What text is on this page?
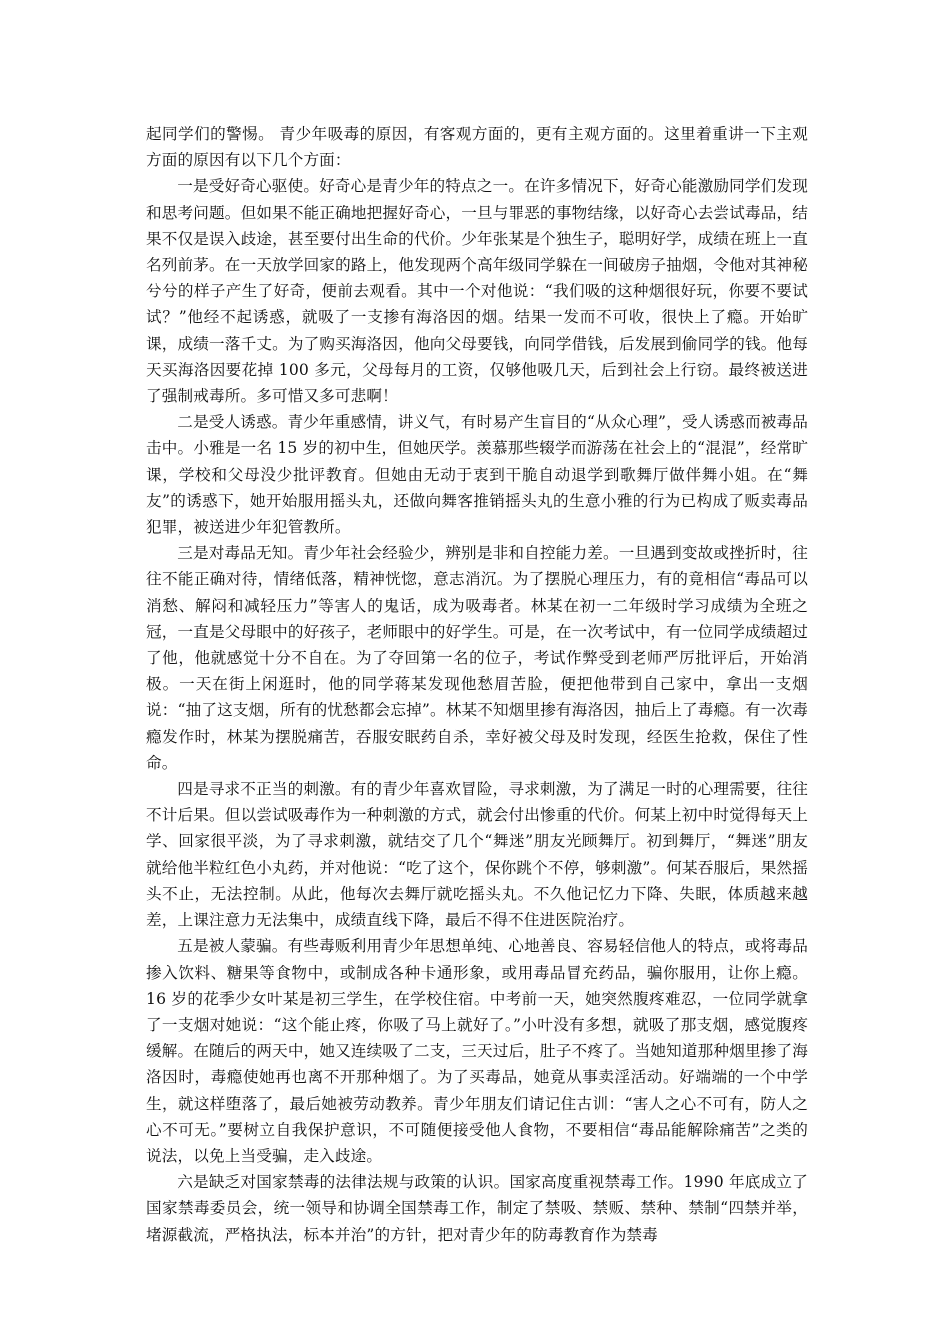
起同学们的警惕。 青少年吸毒的原因，有客观方面的，更有主观方面的。这里着重讲一下主观方面的原因有以下几个方面：

一是受好奇心驱使。好奇心是青少年的特点之一。在许多情况下，好奇心能激励同学们发现和思考问题。但如果不能正确地把握好奇心，一旦与罪恶的事物结缘，以好奇心去尝试毒品，结果不仅是误入歧途，甚至要付出生命的代价。少年张某是个独生子，聪明好学，成绩在班上一直名列前茅。在一天放学回家的路上，他发现两个高年级同学躲在一间破房子抽烟，令他对其神秘兮兮的样子产生了好奇，便前去观看。其中一个对他说：“我们吸的这种烟很好玩，你要不要试试？”他经不起诱惑，就吸了一支掺有海洛因的烟。结果一发而不可收，很快上了瘾。开始旷课，成绩一落千丈。为了购买海洛因，他向父母要钱，向同学借钱，后发展到偷同学的钱。他每天买海洛因要花掉 100 多元，父母每月的工资，仅够他吸几天，后到社会上行窃。最终被送进了强制戒毒所。多可惜又多可悲啊！

二是受人诱惑。青少年重感情，讲义气，有时易产生盲目的“从众心理”，受人诱惑而被毒品击中。小雅是一名 15 岁的初中生，但她厌学。羡慕那些辍学而游荡在社会上的“混混”，经常旷课，学校和父母没少批评教育。但她由无动于衷到干脆自动退学到歌舞厅做伴舞小姐。在“舞友”的诱惑下，她开始服用摇头丸，还做向舞客推销摇头丸的生意小雅的行为已构成了贩卖毒品犯罪，被送进少年犯管教所。

三是对毒品无知。青少年社会经验少，辨别是非和自控能力差。一旦遇到变故或挫折时，往往不能正确对待，情绪低落，精神恍惚，意志消沉。为了摆脱心理压力，有的竟相信“毒品可以消愁、解闷和减轻压力”等害人的鬼话，成为吸毒者。林某在初一二年级时学习成绩为全班之冠，一直是父母眼中的好孩子，老师眼中的好学生。可是，在一次考试中，有一位同学成绩超过了他，他就感觉十分不自在。为了夺回第一名的位子，考试作弊受到老师严厉批评后，开始消极。一天在街上闲逛时，他的同学蒋某发现他愁眉苦脸，便把他带到自己家中，拿出一支烟说：“抽了这支烟，所有的忧愁都会忘掉”。林某不知烟里掺有海洛因，抽后上了毒瘾。有一次毒瘾发作时，林某为摆脱痛苦，吞服安眠药自杀，幸好被父母及时发现，经医生抢救，保住了性命。

四是寻求不正当的刺激。有的青少年喜欢冒险，寻求刺激，为了满足一时的心理需要，往往不计后果。但以尝试吸毒作为一种刺激的方式，就会付出惨重的代价。何某上初中时觉得每天上学、回家很平淡，为了寻求刺激，就结交了几个“舞迷”朋友光顾舞厅。初到舞厅，“舞迷”朋友就给他半粒红色小丸药，并对他说：“吃了这个，保你跳个不停，够刺激”。何某吞服后，果然摇头不止，无法控制。从此，他每次去舞厅就吃摇头丸。不久他记忆力下降、失眠，体质越来越差，上课注意力无法集中，成绩直线下降，最后不得不住进医院治疗。

五是被人蒙骗。有些毒贩利用青少年思想单纯、心地善良、容易轻信他人的特点，或将毒品掺入饮料、糖果等食物中，或制成各种卡通形象，或用毒品冒充药品，骗你服用，让你上瘾。16 岁的花季少女叶某是初三学生，在学校住宿。中考前一天，她突然腹疼难忍，一位同学就拿了一支烟对她说：“这个能止疼，你吸了马上就好了。”小叶没有多想，就吸了那支烟，感觉腹疼缓解。在随后的两天中，她又连续吸了二支，三天过后，肚子不疼了。当她知道那种烟里掺了海洛因时，毒瘾使她再也离不开那种烟了。为了买毒品，她竟从事卖淫活动。好端端的一个中学生，就这样堕落了，最后她被劳动教养。青少年朋友们请记住古训：“害人之心不可有，防人之心不可无。”要树立自我保护意识，不可随便接受他人食物，不要相信“毒品能解除痛苦”之类的说法，以免上当受骗，走入歧途。

六是缺乏对国家禁毒的法律法规与政策的认识。国家高度重视禁毒工作。1990 年底成立了国家禁毒委员会，统一领导和协调全国禁毒工作，制定了禁吸、禁贩、禁种、禁制“四禁并举，堵源截流，严格执法，标本并治”的方针，把对青少年的防毒教育作为禁毒
